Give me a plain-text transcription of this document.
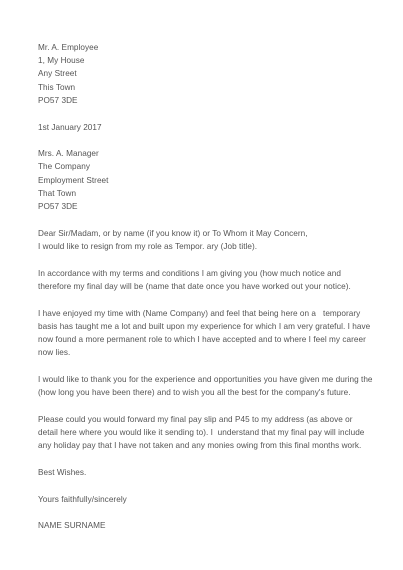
Mr. A. Employee
1, My House
Any Street
This Town
PO57 3DE
1st January 2017
Mrs. A. Manager
The Company
Employment Street
That Town
PO57 3DE
Dear Sir/Madam, or by name (if you know it) or To Whom it May Concern,
I would like to resign from my role as Tempor. ary (Job title).
In accordance with my terms and conditions I am giving you (how much notice and
therefore my final day will be (name that date once you have worked out your notice).
I have enjoyed my time with (Name Company) and feel that being here on a   temporary
basis has taught me a lot and built upon my experience for which I am very grateful. I have
now found a more permanent role to which I have accepted and to where I feel my career
now lies.
I would like to thank you for the experience and opportunities you have given me during the
(how long you have been there) and to wish you all the best for the company's future.
Please could you would forward my final pay slip and P45 to my address (as above or
detail here where you would like it sending to). I  understand that my final pay will include
any holiday pay that I have not taken and any monies owing from this final months work.
Best Wishes.
Yours faithfully/sincerely
NAME SURNAME
